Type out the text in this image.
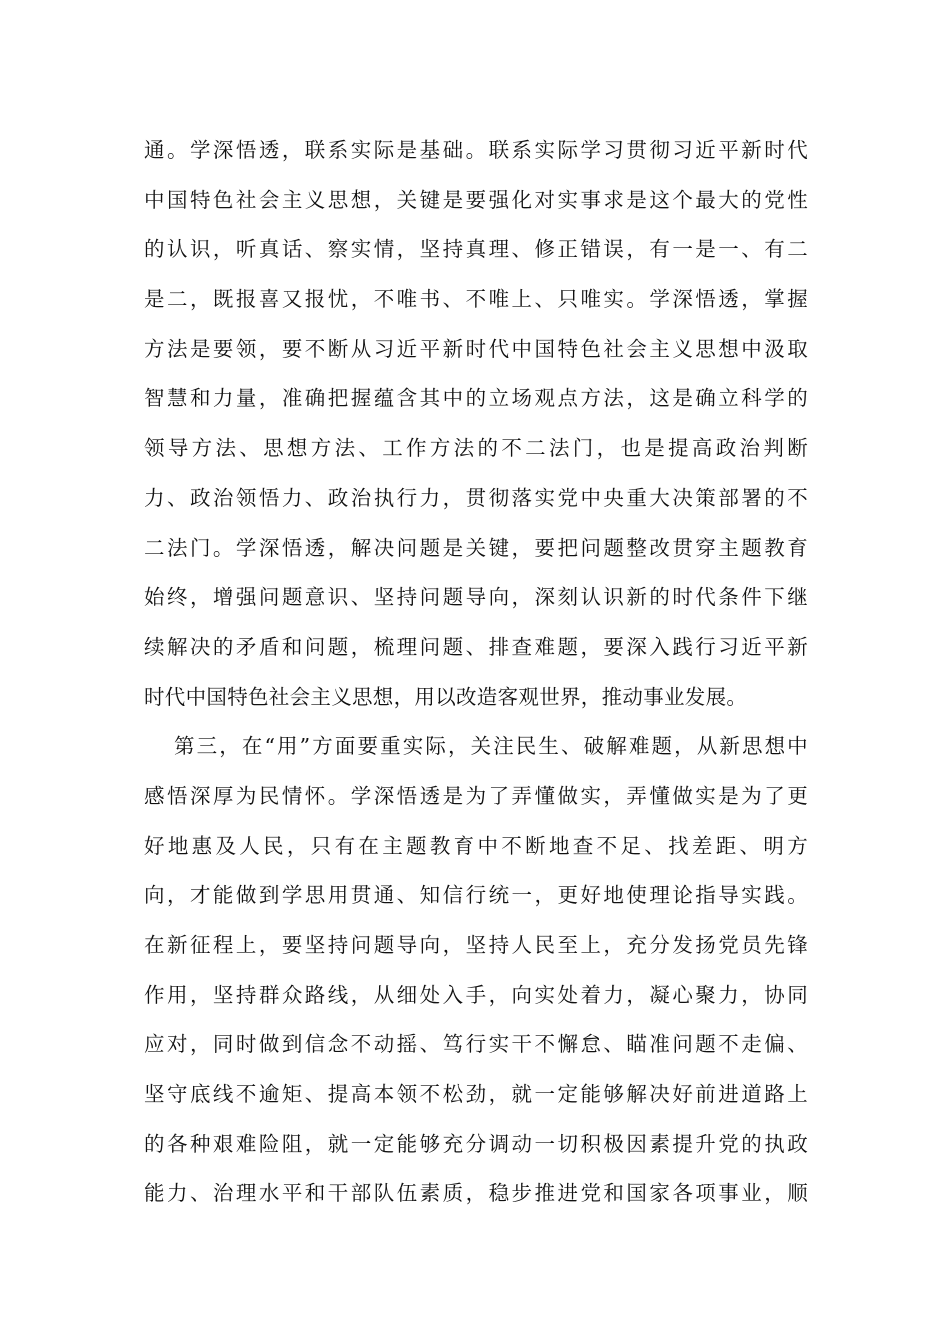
通。学深悟透，联系实际是基础。联系实际学习贯彻习近平新时代
中国特色社会主义思想，关键是要强化对实事求是这个最大的党性
的认识，听真话、察实情，坚持真理、修正错误，有一是一、有二
是二，既报喜又报忧，不唯书、不唯上、只唯实。学深悟透，掌握
方法是要领，要不断从习近平新时代中国特色社会主义思想中汲取
智慧和力量，准确把握蕴含其中的立场观点方法，这是确立科学的
领导方法、思想方法、工作方法的不二法门，也是提高政治判断
力、政治领悟力、政治执行力，贯彻落实党中央重大决策部署的不
二法门。学深悟透，解决问题是关键，要把问题整改贯穿主题教育
始终，增强问题意识、坚持问题导向，深刻认识新的时代条件下继
续解决的矛盾和问题，梳理问题、排查难题，要深入践行习近平新
时代中国特色社会主义思想，用以改造客观世界，推动事业发展。
第三，在“用”方面要重实际，关注民生、破解难题，从新思想中
感悟深厚为民情怀。学深悟透是为了弄懂做实，弄懂做实是为了更
好地惠及人民，只有在主题教育中不断地查不足、找差距、明方
向，才能做到学思用贯通、知信行统一，更好地使理论指导实践。
在新征程上，要坚持问题导向，坚持人民至上，充分发扬党员先锋
作用，坚持群众路线，从细处入手，向实处着力，凝心聚力，协同
应对，同时做到信念不动摇、笃行实干不懈怠、瞄准问题不走偏、
坚守底线不逾矩、提高本领不松劲，就一定能够解决好前进道路上
的各种艰难险阻，就一定能够充分调动一切积极因素提升党的执政
能力、治理水平和干部队伍素质，稳步推进党和国家各项事业，顺
